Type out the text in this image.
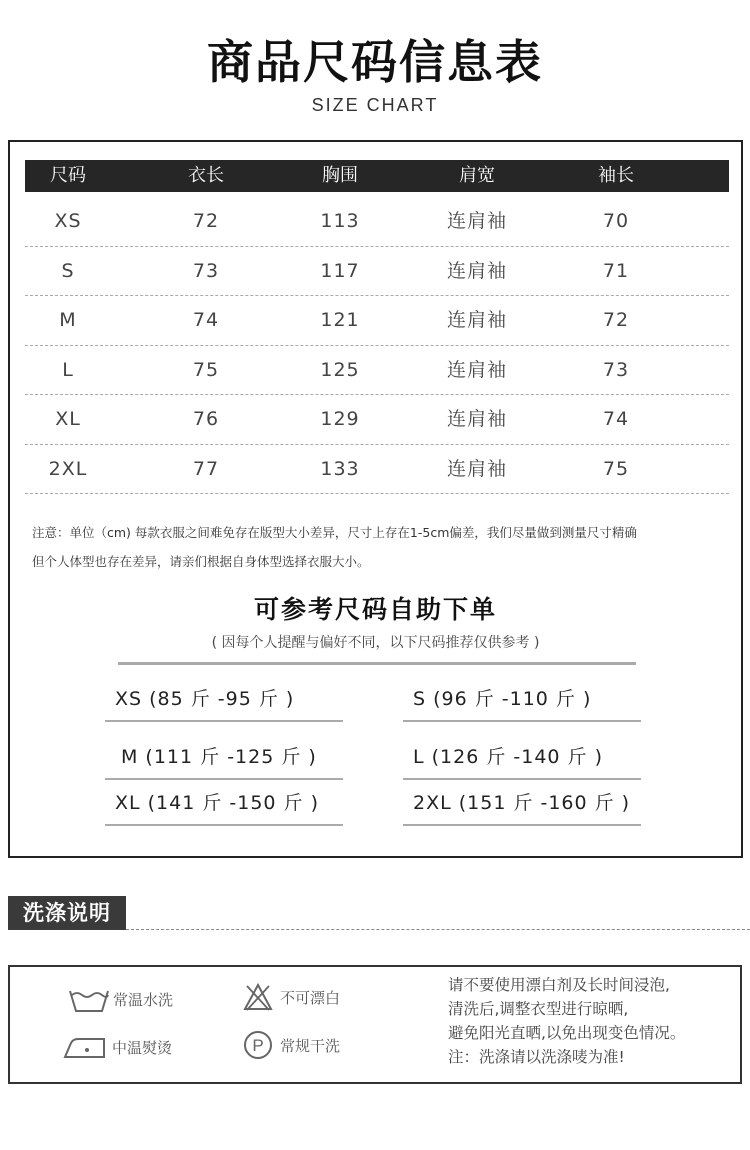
商品尺码信息表
SIZE CHART
尺码	衣长	胸围	肩宽	袖长
XS	72	113	连肩袖	70
S	73	117	连肩袖	71
M	74	121	连肩袖	72
L	75	125	连肩袖	73
XL	76	129	连肩袖	74
2XL	77	133	连肩袖	75
注意：单位（cm) 每款衣服之间难免存在版型大小差异，尺寸上存在1-5cm偏差，我们尽量做到测量尺寸精确
但个人体型也存在差异，请亲们根据自身体型选择衣服大小。
可参考尺码自助下单
( 因每个人提醒与偏好不同，以下尺码推荐仅供参考 )
XS (85 斤 -95 斤 )	S (96 斤 -110 斤 )
M (111 斤 -125 斤 )	L (126 斤 -140 斤 )
XL (141 斤 -150 斤 )	2XL (151 斤 -160 斤 )
洗涤说明
常温水洗	不可漂白
中温熨烫	P 常规干洗
请不要使用漂白剂及长时间浸泡,
清洗后,调整衣型进行晾晒,
避免阳光直晒,以免出现变色情况。
注：洗涤请以洗涤唛为准!
